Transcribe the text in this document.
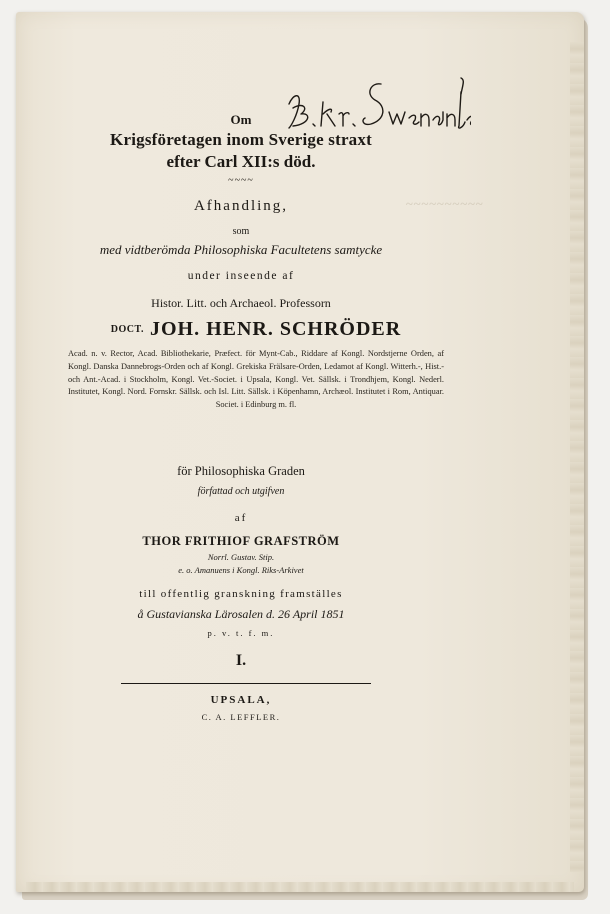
~~~~~~~~~~
Om
Krigsföretagen inom Sverige straxt
efter Carl XII:s död.
~~~~
Afhandling,
som
med vidtberömda Philosophiska Facultetens samtycke
under inseende af
Histor. Litt. och Archaeol. Professorn
DOCT. JOH. HENR. SCHRÖDER
Acad. n. v. Rector, Acad. Bibliothekarie, Præfect. för Mynt-Cab., Riddare af Kongl. Nordstjerne Orden, af Kongl. Danska Dannebrogs-Orden och af Kongl. Grekiska Frälsare-Orden, Ledamot af Kongl. Witterh.-, Hist.- och Ant.-Acad. i Stockholm, Kongl. Vet.-Societ. i Upsala, Kongl. Vet. Sällsk. i Trondhjem, Kongl. Nederl. Institutet, Kongl. Nord. Fornskr. Sällsk. och Isl. Litt. Sällsk. i Köpenhamn, Archæol. Institutet i Rom, Antiquar. Societ. i Edinburg m. fl.
för Philosophiska Graden
författad och utgifven
af
THOR FRITHIOF GRAFSTRÖM
Norrl. Gustav. Stip.
e. o. Amanuens i Kongl. Riks-Arkivet
till offentlig granskning framställes
å Gustavianska Lärosalen d. 26 April 1851
p. v. t. f. m.
I.
UPSALA,
C. A. LEFFLER.
